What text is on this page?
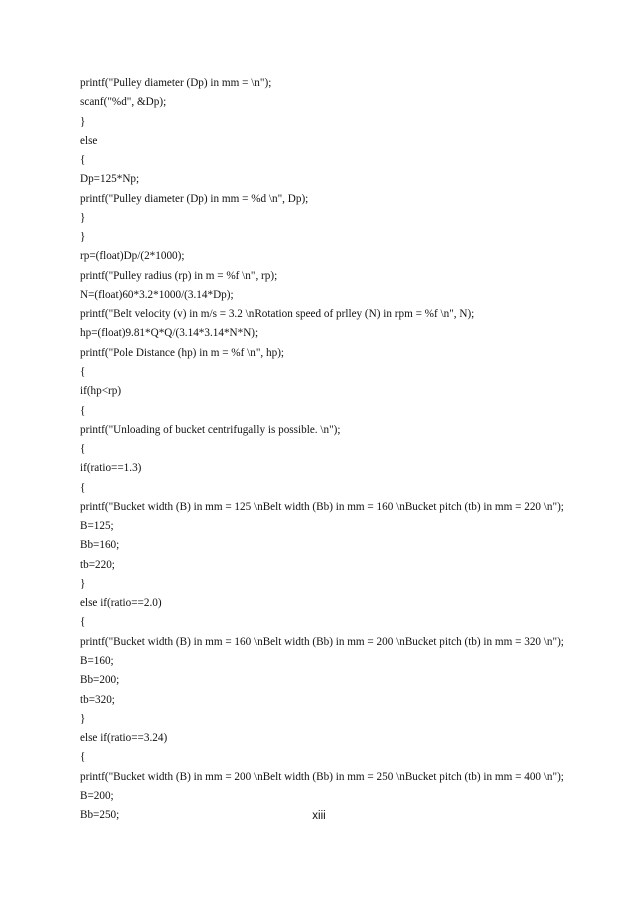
printf("Pulley diameter (Dp) in mm = \n");
scanf("%d", &Dp);
}
else
{
Dp=125*Np;
printf("Pulley diameter (Dp) in mm = %d \n", Dp);
}
}
rp=(float)Dp/(2*1000);
printf("Pulley radius (rp) in m = %f \n", rp);
N=(float)60*3.2*1000/(3.14*Dp);
printf("Belt velocity (v) in m/s = 3.2 \nRotation speed of prlley (N) in rpm = %f \n", N);
hp=(float)9.81*Q*Q/(3.14*3.14*N*N);
printf("Pole Distance (hp) in m = %f \n", hp);
{
if(hp<rp)
{
printf("Unloading of bucket centrifugally is possible. \n");
{
if(ratio==1.3)
{
printf("Bucket width (B) in mm = 125 \nBelt width (Bb) in mm = 160 \nBucket pitch (tb) in mm = 220 \n");
B=125;
Bb=160;
tb=220;
}
else if(ratio==2.0)
{
printf("Bucket width (B) in mm = 160 \nBelt width (Bb) in mm = 200 \nBucket pitch (tb) in mm = 320 \n");
B=160;
Bb=200;
tb=320;
}
else if(ratio==3.24)
{
printf("Bucket width (B) in mm = 200 \nBelt width (Bb) in mm = 250 \nBucket pitch (tb) in mm = 400 \n");
B=200;
Bb=250;	xiii
